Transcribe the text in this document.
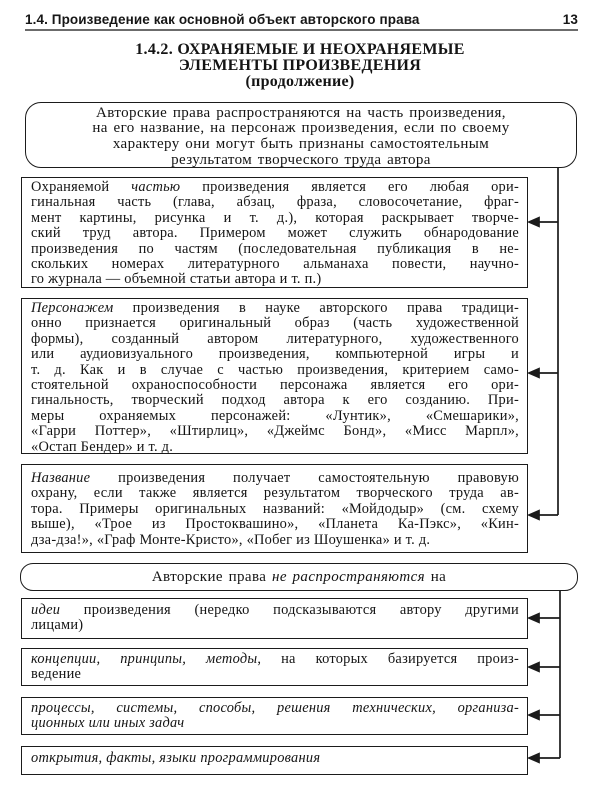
1.4. Произведение как основной объект авторского права	13
1.4.2. ОХРАНЯЕМЫЕ И НЕОХРАНЯЕМЫЕ
ЭЛЕМЕНТЫ ПРОИЗВЕДЕНИЯ
(продолжение)
Авторские права распространяются на часть произведения,
на его название, на персонаж произведения, если по своему
характеру они могут быть признаны самостоятельным
результатом творческого труда автора
Охраняемой частью произведения является его любая ори-
гинальная часть (глава, абзац, фраза, словосочетание, фраг-
мент картины, рисунка и т. д.), которая раскрывает творче-
ский труд автора. Примером может служить обнародование
произведения по частям (последовательная публикация в не-
скольких номерах литературного альманаха повести, научно-
го журнала — объемной статьи автора и т. п.)
Персонажем произведения в науке авторского права традици-
онно признается оригинальный образ (часть художественной
формы), созданный автором литературного, художественного
или аудиовизуального произведения, компьютерной игры и
т. д. Как и в случае с частью произведения, критерием само-
стоятельной охраноспособности персонажа является его ори-
гинальность, творческий подход автора к его созданию. При-
меры охраняемых персонажей: «Лунтик», «Смешарики»,
«Гарри Поттер», «Штирлиц», «Джеймс Бонд», «Мисс Марпл»,
«Остап Бендер» и т. д.
Название произведения получает самостоятельную правовую
охрану, если также является результатом творческого труда ав-
тора. Примеры оригинальных названий: «Мойдодыр» (см. схему
выше), «Трое из Простоквашино», «Планета Ка-Пэкс», «Кин-
дза-дза!», «Граф Монте-Кристо», «Побег из Шоушенка» и т. д.
Авторские права не распространяются на
идеи произведения (нередко подсказываются автору другими
лицами)
концепции, принципы, методы, на которых базируется произ-
ведение
процессы, системы, способы, решения технических, организа-
ционных или иных задач
открытия, факты, языки программирования
